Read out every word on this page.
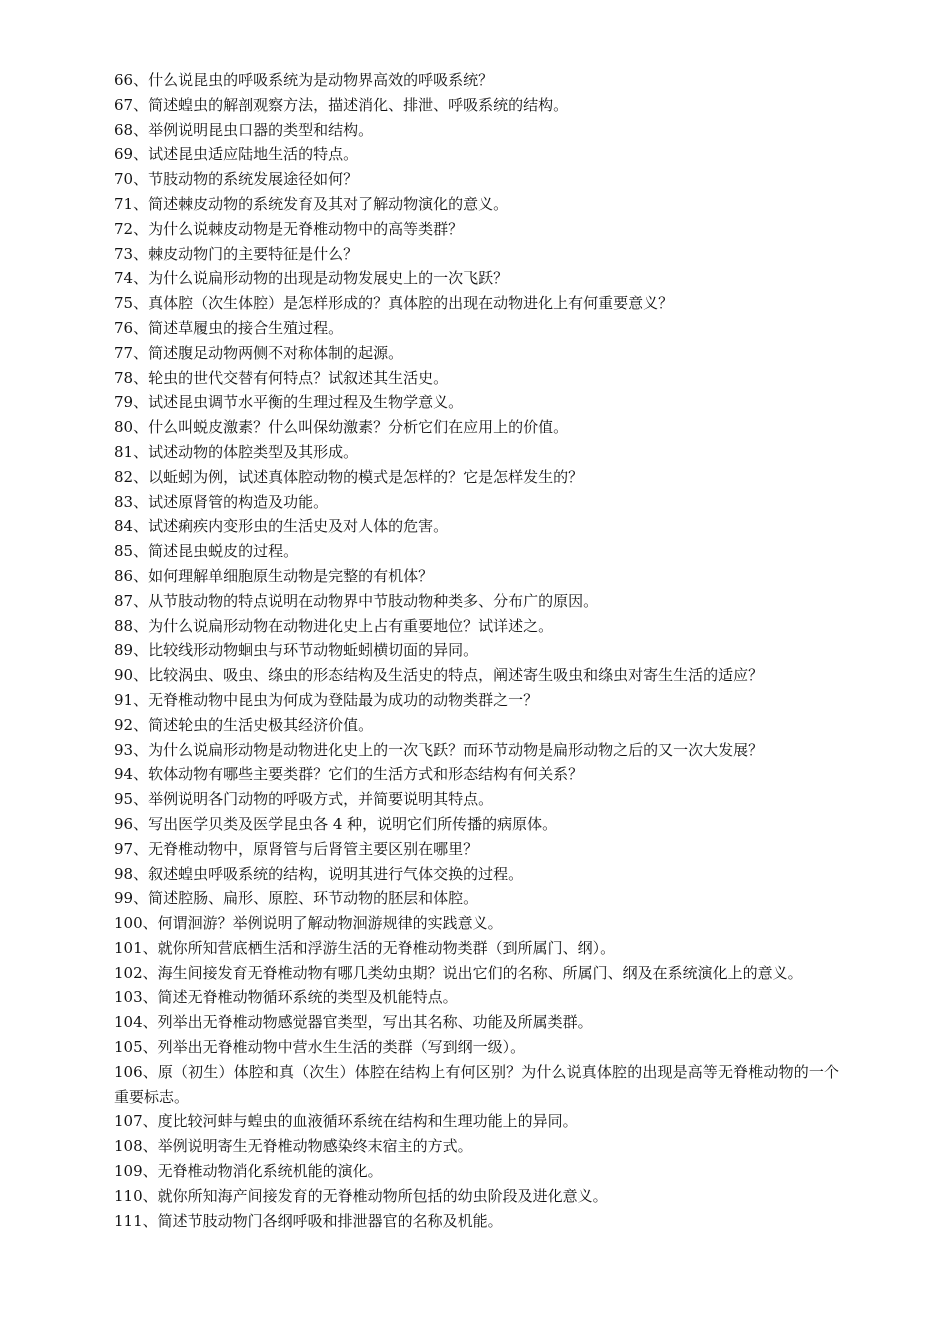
66、什么说昆虫的呼吸系统为是动物界高效的呼吸系统？
67、简述蝗虫的解剖观察方法，描述消化、排泄、呼吸系统的结构。
68、举例说明昆虫口器的类型和结构。
69、试述昆虫适应陆地生活的特点。
70、节肢动物的系统发展途径如何？
71、简述棘皮动物的系统发育及其对了解动物演化的意义。
72、为什么说棘皮动物是无脊椎动物中的高等类群？
73、棘皮动物门的主要特征是什么？
74、为什么说扁形动物的出现是动物发展史上的一次飞跃？
75、真体腔（次生体腔）是怎样形成的？真体腔的出现在动物进化上有何重要意义？
76、简述草履虫的接合生殖过程。
77、简述腹足动物两侧不对称体制的起源。
78、轮虫的世代交替有何特点？试叙述其生活史。
79、试述昆虫调节水平衡的生理过程及生物学意义。
80、什么叫蜕皮激素？什么叫保幼激素？分析它们在应用上的价值。
81、试述动物的体腔类型及其形成。
82、以蚯蚓为例，试述真体腔动物的模式是怎样的？它是怎样发生的？
83、试述原肾管的构造及功能。
84、试述痢疾内变形虫的生活史及对人体的危害。
85、简述昆虫蜕皮的过程。
86、如何理解单细胞原生动物是完整的有机体？
87、从节肢动物的特点说明在动物界中节肢动物种类多、分布广的原因。
88、为什么说扁形动物在动物进化史上占有重要地位？试详述之。
89、比较线形动物蛔虫与环节动物蚯蚓横切面的异同。
90、比较涡虫、吸虫、绦虫的形态结构及生活史的特点，阐述寄生吸虫和绦虫对寄生生活的适应？
91、无脊椎动物中昆虫为何成为登陆最为成功的动物类群之一？
92、简述轮虫的生活史极其经济价值。
93、为什么说扁形动物是动物进化史上的一次飞跃？而环节动物是扁形动物之后的又一次大发展？
94、软体动物有哪些主要类群？它们的生活方式和形态结构有何关系？
95、举例说明各门动物的呼吸方式，并简要说明其特点。
96、写出医学贝类及医学昆虫各 4 种，说明它们所传播的病原体。
97、无脊椎动物中，原肾管与后肾管主要区别在哪里？
98、叙述蝗虫呼吸系统的结构，说明其进行气体交换的过程。
99、简述腔肠、扁形、原腔、环节动物的胚层和体腔。
100、何谓洄游？举例说明了解动物洄游规律的实践意义。
101、就你所知营底栖生活和浮游生活的无脊椎动物类群（到所属门、纲）。
102、海生间接发育无脊椎动物有哪几类幼虫期？说出它们的名称、所属门、纲及在系统演化上的意义。
103、简述无脊椎动物循环系统的类型及机能特点。
104、列举出无脊椎动物感觉器官类型，写出其名称、功能及所属类群。
105、列举出无脊椎动物中营水生生活的类群（写到纲一级）。
106、原（初生）体腔和真（次生）体腔在结构上有何区别？为什么说真体腔的出现是高等无脊椎动物的一个重要标志。
107、度比较河蚌与蝗虫的血液循环系统在结构和生理功能上的异同。
108、举例说明寄生无脊椎动物感染终末宿主的方式。
109、无脊椎动物消化系统机能的演化。
110、就你所知海产间接发育的无脊椎动物所包括的幼虫阶段及进化意义。
111、简述节肢动物门各纲呼吸和排泄器官的名称及机能。
